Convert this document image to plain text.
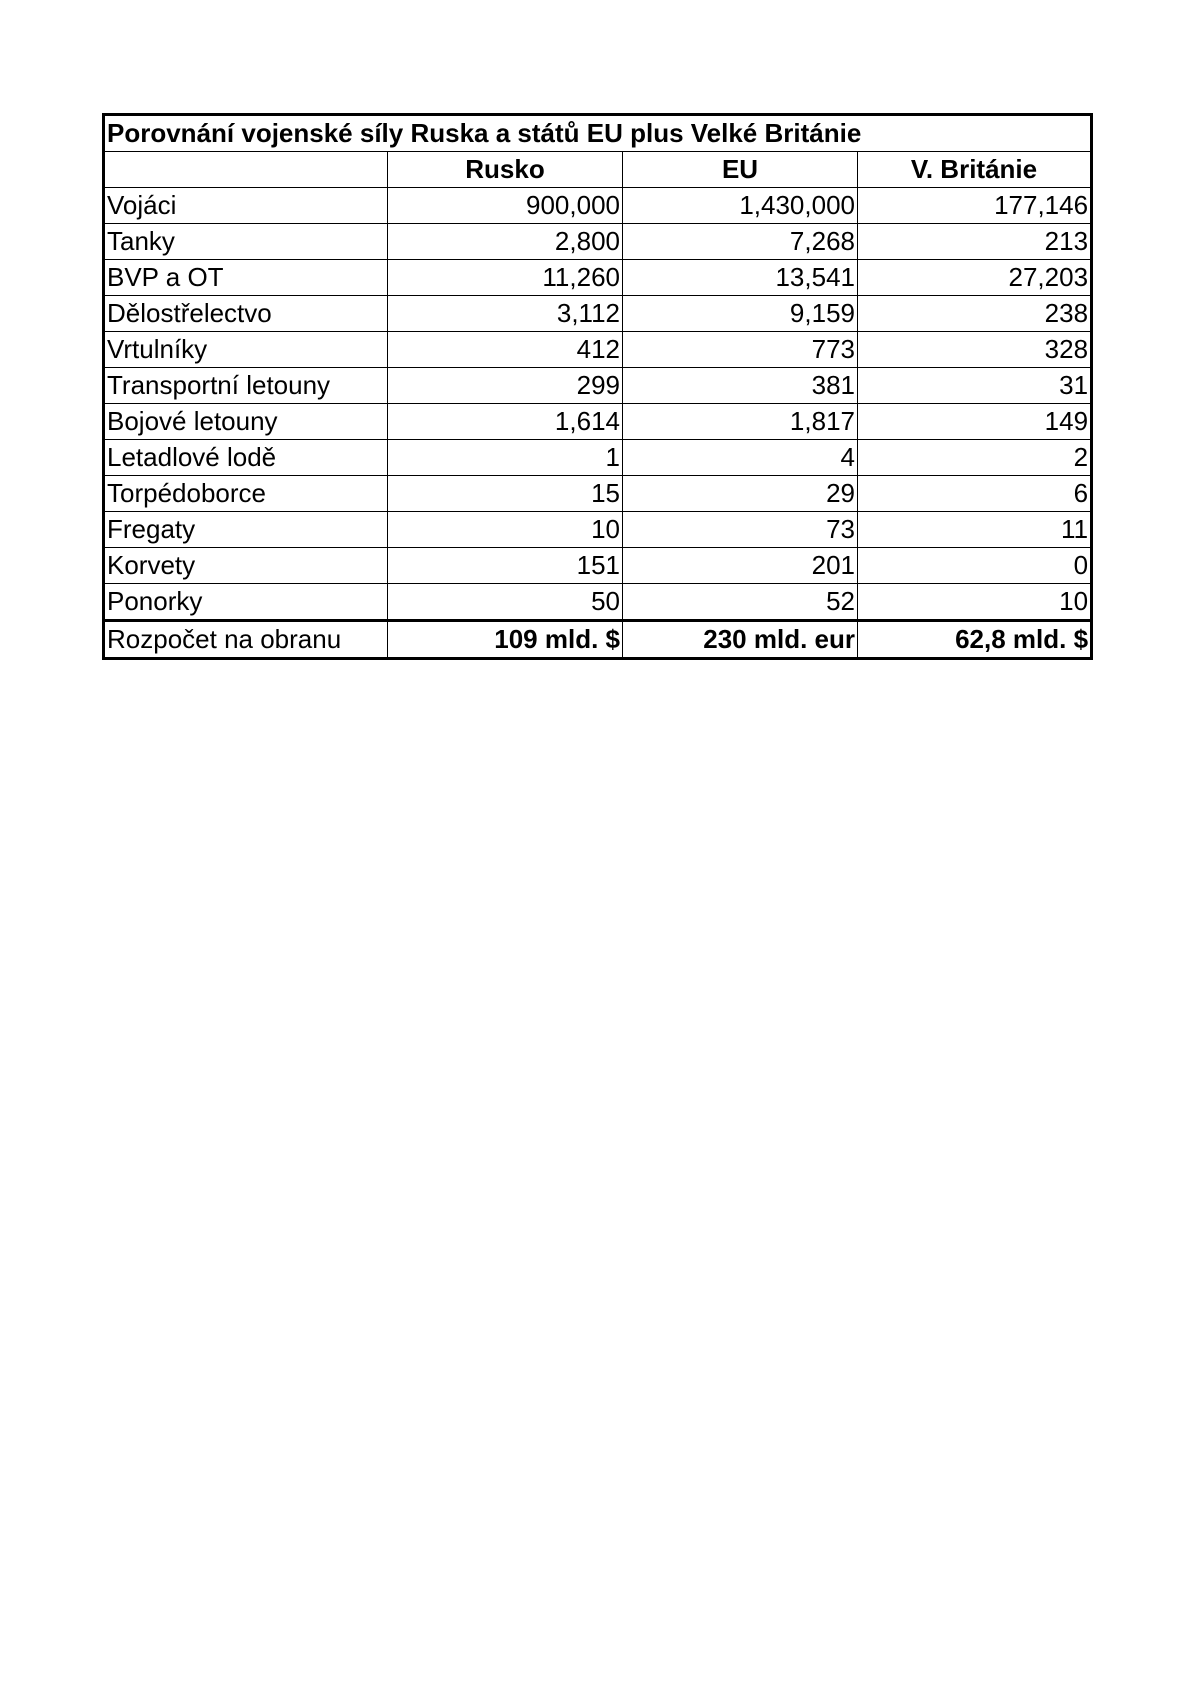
Porovnání vojenské síly Ruska a států EU plus Velké Británie			
	Rusko	EU	V. Británie
Vojáci	900,000	1,430,000	177,146
Tanky	2,800	7,268	213
BVP a OT	11,260	13,541	27,203
Dělostřelectvo	3,112	9,159	238
Vrtulníky	412	773	328
Transportní letouny	299	381	31
Bojové letouny	1,614	1,817	149
Letadlové lodě	1	4	2
Torpédoborce	15	29	6
Fregaty	10	73	11
Korvety	151	201	0
Ponorky	50	52	10
Rozpočet na obranu	109 mld. $	230 mld. eur	62,8 mld. $
